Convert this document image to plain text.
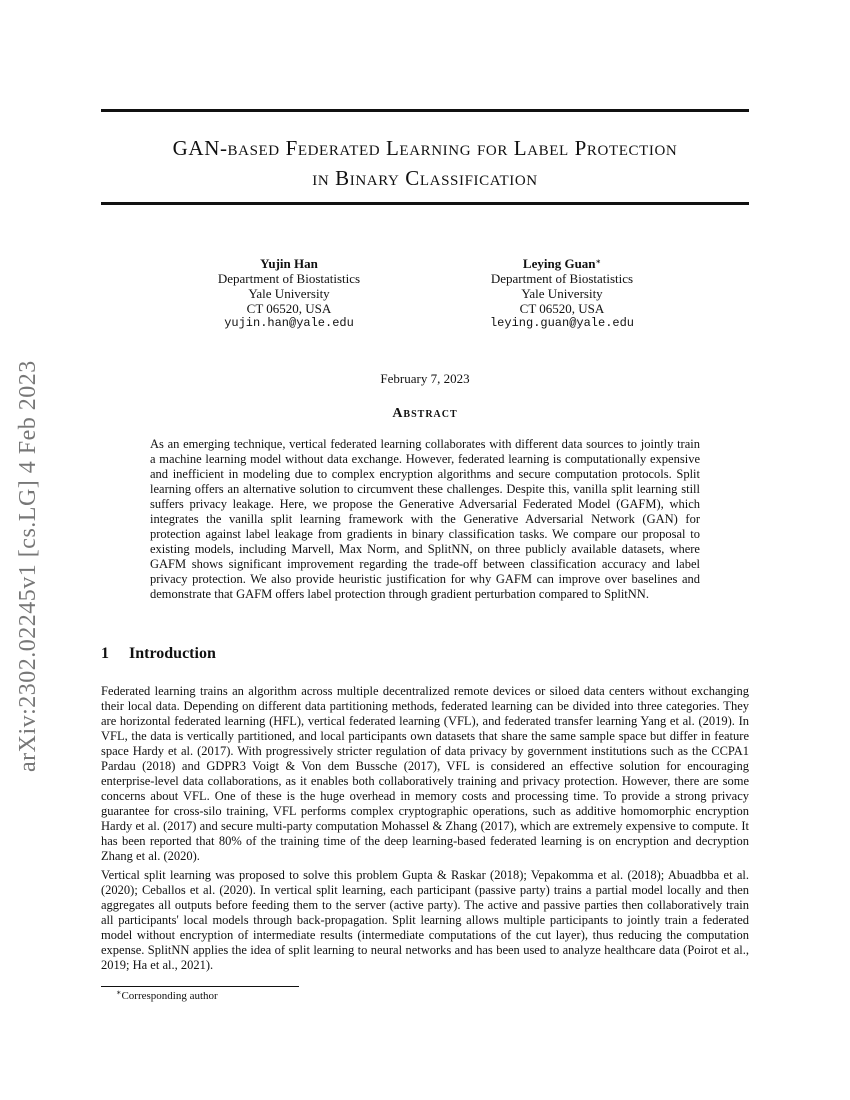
arXiv:2302.02245v1 [cs.LG] 4 Feb 2023
GAN-based Federated Learning for Label Protection
in Binary Classification
Yujin Han
Department of Biostatistics
Yale University
CT 06520, USA
yujin.han@yale.edu
Leying Guan∗
Department of Biostatistics
Yale University
CT 06520, USA
leying.guan@yale.edu
February 7, 2023
Abstract
As an emerging technique, vertical federated learning collaborates with different data sources to jointly train a machine learning model without data exchange. However, federated learning is computationally expensive and inefficient in modeling due to complex encryption algorithms and secure computation protocols. Split learning offers an alternative solution to circumvent these challenges. Despite this, vanilla split learning still suffers privacy leakage. Here, we propose the Generative Adversarial Federated Model (GAFM), which integrates the vanilla split learning framework with the Generative Adversarial Network (GAN) for protection against label leakage from gradients in binary classification tasks. We compare our proposal to existing models, including Marvell, Max Norm, and SplitNN, on three publicly available datasets, where GAFM shows significant improvement regarding the trade-off between classification accuracy and label privacy protection. We also provide heuristic justification for why GAFM can improve over baselines and demonstrate that GAFM offers label protection through gradient perturbation compared to SplitNN.
1 Introduction
Federated learning trains an algorithm across multiple decentralized remote devices or siloed data centers without exchanging their local data. Depending on different data partitioning methods, federated learning can be divided into three categories. They are horizontal federated learning (HFL), vertical federated learning (VFL), and federated transfer learning Yang et al. (2019). In VFL, the data is vertically partitioned, and local participants own datasets that share the same sample space but differ in feature space Hardy et al. (2017). With progressively stricter regulation of data privacy by government institutions such as the CCPA1 Pardau (2018) and GDPR3 Voigt & Von dem Bussche (2017), VFL is considered an effective solution for encouraging enterprise-level data collaborations, as it enables both collaboratively training and privacy protection. However, there are some concerns about VFL. One of these is the huge overhead in memory costs and processing time. To provide a strong privacy guarantee for cross-silo training, VFL performs complex cryptographic operations, such as additive homomorphic encryption Hardy et al. (2017) and secure multi-party computation Mohassel & Zhang (2017), which are extremely expensive to compute. It has been reported that 80% of the training time of the deep learning-based federated learning is on encryption and decryption Zhang et al. (2020).
Vertical split learning was proposed to solve this problem Gupta & Raskar (2018); Vepakomma et al. (2018); Abuadbba et al. (2020); Ceballos et al. (2020). In vertical split learning, each participant (passive party) trains a partial model locally and then aggregates all outputs before feeding them to the server (active party). The active and passive parties then collaboratively train all participants' local models through back-propagation. Split learning allows multiple participants to jointly train a federated model without encryption of intermediate results (intermediate computations of the cut layer), thus reducing the computation expense. SplitNN applies the idea of split learning to neural networks and has been used to analyze healthcare data (Poirot et al., 2019; Ha et al., 2021).
∗Corresponding author
